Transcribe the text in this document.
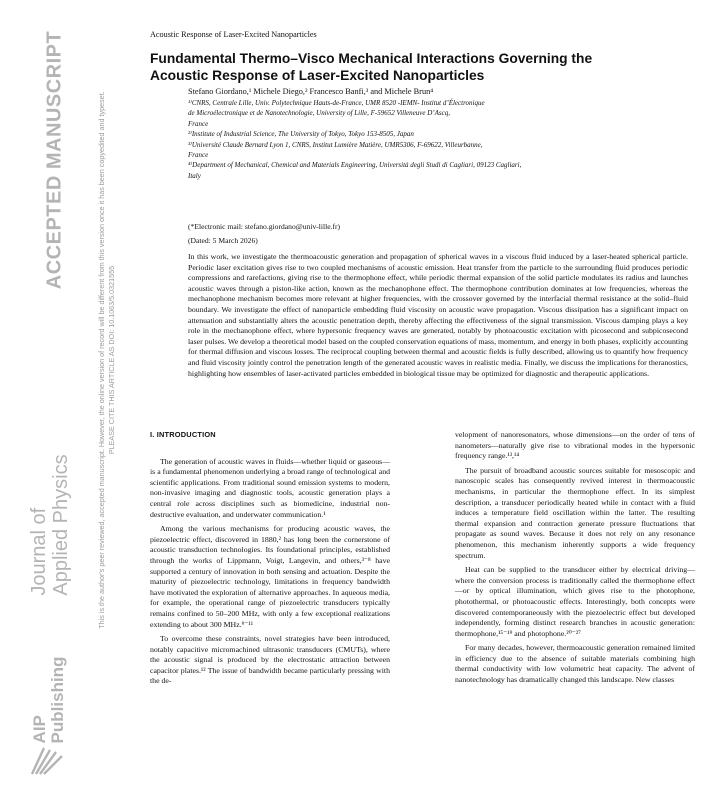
ACCEPTED MANUSCRIPT	This is the author's peer reviewed, accepted manuscript. However, the online version of record will be different from this version once it has been copyedited and typeset.
PLEASE CITE THIS ARTICLE AS DOI: 10.1063/5.0321555
Journal of
Applied Physics
AIP
Publishing
Acoustic Response of Laser-Excited Nanoparticles
Fundamental Thermo–Visco Mechanical Interactions Governing the
Acoustic Response of Laser-Excited Nanoparticles
Stefano Giordano,¹ Michele Diego,² Francesco Banfi,³ and Michele Brun⁴
¹⁾CNRS, Centrale Lille, Univ. Polytechnique Hauts-de-France, UMR 8520 -IEMN- Institut d’Électronique
de Microélectronique et de Nanotechnologie, University of Lille, F-59652 Villeneuve D’Ascq,
France
²⁾Institute of Industrial Science, The University of Tokyo, Tokyo 153-8505, Japan
³⁾Université Claude Bernard Lyon 1, CNRS, Institut Lumière Matière, UMR5306, F-69622, Villeurbanne,
France
⁴⁾Department of Mechanical, Chemical and Materials Engineering, Università degli Studi di Cagliari, 09123 Cagliari,
Italy
(*Electronic mail: stefano.giordano@univ-lille.fr)
(Dated: 5 March 2026)
In this work, we investigate the thermoacoustic generation and propagation of spherical waves in a viscous fluid induced by a laser-heated spherical particle. Periodic laser excitation gives rise to two coupled mechanisms of acoustic emission. Heat transfer from the particle to the surrounding fluid produces periodic compressions and rarefactions, giving rise to the thermophone effect, while periodic thermal expansion of the solid particle modulates its radius and launches acoustic waves through a piston-like action, known as the mechanophone effect. The thermophone contribution dominates at low frequencies, whereas the mechanophone mechanism becomes more relevant at higher frequencies, with the crossover governed by the interfacial thermal resistance at the solid–fluid boundary. We investigate the effect of nanoparticle embedding fluid viscosity on acoustic wave propagation. Viscous dissipation has a significant impact on attenuation and substantially alters the acoustic penetration depth, thereby affecting the effectiveness of the signal transmission. Viscous damping plays a key role in the mechanophone effect, where hypersonic frequency waves are generated, notably by photoacoustic excitation with picosecond and subpicosecond laser pulses. We develop a theoretical model based on the coupled conservation equations of mass, momentum, and energy in both phases, explicitly accounting for thermal diffusion and viscous losses. The reciprocal coupling between thermal and acoustic fields is fully described, allowing us to quantify how frequency and fluid viscosity jointly control the penetration length of the generated acoustic waves in realistic media. Finally, we discuss the implications for theranostics, highlighting how ensembles of laser-activated particles embedded in biological tissue may be optimized for diagnostic and therapeutic applications.
I. INTRODUCTION

The generation of acoustic waves in fluids—whether liquid or gaseous—is a fundamental phenomenon underlying a broad range of technological and scientific applications. From traditional sound emission systems to modern, non-invasive imaging and diagnostic tools, acoustic generation plays a central role across disciplines such as biomedicine, industrial non-destructive evaluation, and underwater communication.¹

Among the various mechanisms for producing acoustic waves, the piezoelectric effect, discovered in 1880,² has long been the cornerstone of acoustic transduction technologies. Its foundational principles, established through the works of Lippmann, Voigt, Langevin, and others,³⁻⁸ have supported a century of innovation in both sensing and actuation. Despite the maturity of piezoelectric technology, limitations in frequency bandwidth have motivated the exploration of alternative approaches. In aqueous media, for example, the operational range of piezoelectric transducers typically remains confined to 50–200 MHz, with only a few exceptional realizations extending to about 300 MHz.⁹⁻¹¹

To overcome these constraints, novel strategies have been introduced, notably capacitive micromachined ultrasonic transducers (CMUTs), where the acoustic signal is produced by the electrostatic attraction between capacitor plates.¹² The issue of bandwidth became particularly pressing with the de-

velopment of nanoresonators, whose dimensions—on the order of tens of nanometers—naturally give rise to vibrational modes in the hypersonic frequency range.¹³,¹⁴

The pursuit of broadband acoustic sources suitable for mesoscopic and nanoscopic scales has consequently revived interest in thermoacoustic mechanisms, in particular the thermophone effect. In its simplest description, a transducer periodically heated while in contact with a fluid induces a temperature field oscillation within the latter. The resulting thermal expansion and contraction generate pressure fluctuations that propagate as sound waves. Because it does not rely on any resonance phenomenon, this mechanism inherently supports a wide frequency spectrum.

Heat can be supplied to the transducer either by electrical driving—where the conversion process is traditionally called the thermophone effect—or by optical illumination, which gives rise to the photophone, photothermal, or photoacoustic effects. Interestingly, both concepts were discovered contemporaneously with the piezoelectric effect but developed independently, forming distinct research branches in acoustic generation: thermophone,¹⁵⁻¹⁹ and photophone.²⁰⁻²⁷

For many decades, however, thermoacoustic generation remained limited in efficiency due to the absence of suitable materials combining high thermal conductivity with low volumetric heat capacity. The advent of nanotechnology has dramatically changed this landscape. New classes
